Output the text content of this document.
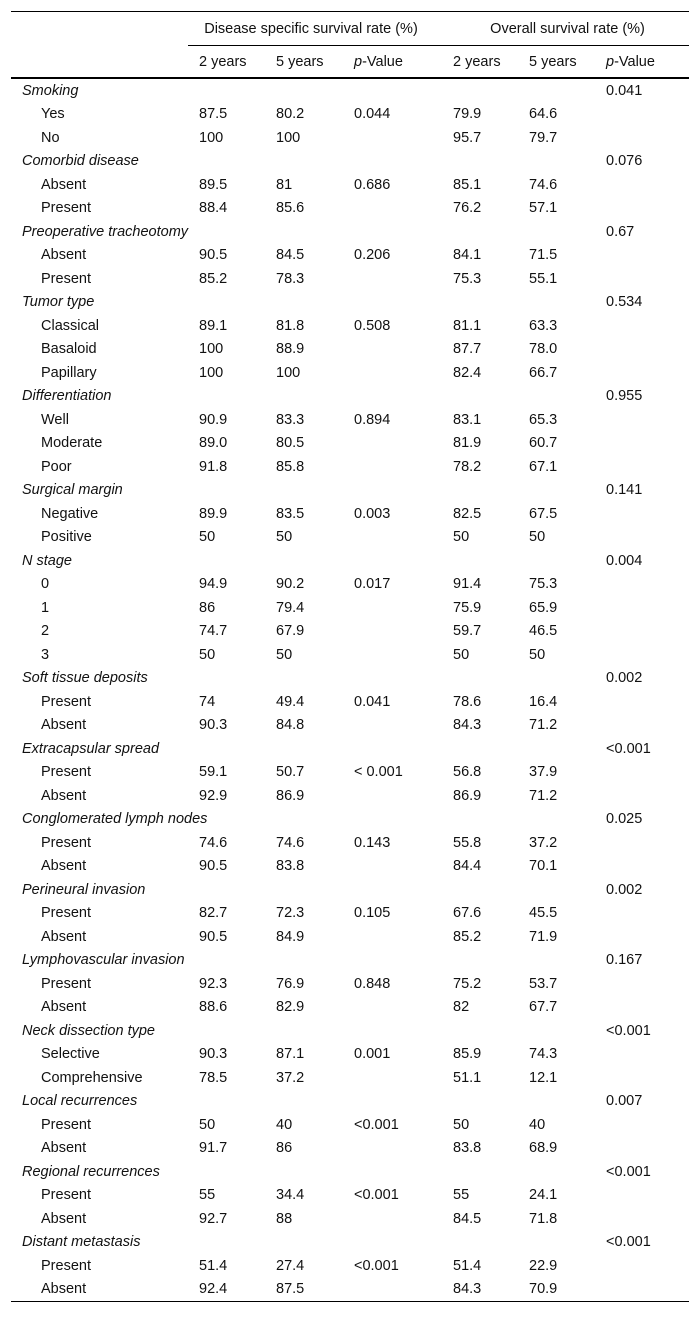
	Disease specific survival rate (%)			Overall survival rate (%)		
	2 years	5 years	p-Value	2 years	5 years	p-Value
Smoking						0.041
Yes	87.5	80.2	0.044	79.9	64.6	
No	100	100		95.7	79.7	
Comorbid disease						0.076
Absent	89.5	81	0.686	85.1	74.6	
Present	88.4	85.6		76.2	57.1	
Preoperative tracheotomy						0.67
Absent	90.5	84.5	0.206	84.1	71.5	
Present	85.2	78.3		75.3	55.1	
Tumor type						0.534
Classical	89.1	81.8	0.508	81.1	63.3	
Basaloid	100	88.9		87.7	78.0	
Papillary	100	100		82.4	66.7	
Differentiation						0.955
Well	90.9	83.3	0.894	83.1	65.3	
Moderate	89.0	80.5		81.9	60.7	
Poor	91.8	85.8		78.2	67.1	
Surgical margin						0.141
Negative	89.9	83.5	0.003	82.5	67.5	
Positive	50	50		50	50	
N stage						0.004
0	94.9	90.2	0.017	91.4	75.3	
1	86	79.4		75.9	65.9	
2	74.7	67.9		59.7	46.5	
3	50	50		50	50	
Soft tissue deposits						0.002
Present	74	49.4	0.041	78.6	16.4	
Absent	90.3	84.8		84.3	71.2	
Extracapsular spread						<0.001
Present	59.1	50.7	< 0.001	56.8	37.9	
Absent	92.9	86.9		86.9	71.2	
Conglomerated lymph nodes						0.025
Present	74.6	74.6	0.143	55.8	37.2	
Absent	90.5	83.8		84.4	70.1	
Perineural invasion						0.002
Present	82.7	72.3	0.105	67.6	45.5	
Absent	90.5	84.9		85.2	71.9	
Lymphovascular invasion						0.167
Present	92.3	76.9	0.848	75.2	53.7	
Absent	88.6	82.9		82	67.7	
Neck dissection type						<0.001
Selective	90.3	87.1	0.001	85.9	74.3	
Comprehensive	78.5	37.2		51.1	12.1	
Local recurrences						0.007
Present	50	40	<0.001	50	40	
Absent	91.7	86		83.8	68.9	
Regional recurrences						<0.001
Present	55	34.4	<0.001	55	24.1	
Absent	92.7	88		84.5	71.8	
Distant metastasis						<0.001
Present	51.4	27.4	<0.001	51.4	22.9	
Absent	92.4	87.5		84.3	70.9	
